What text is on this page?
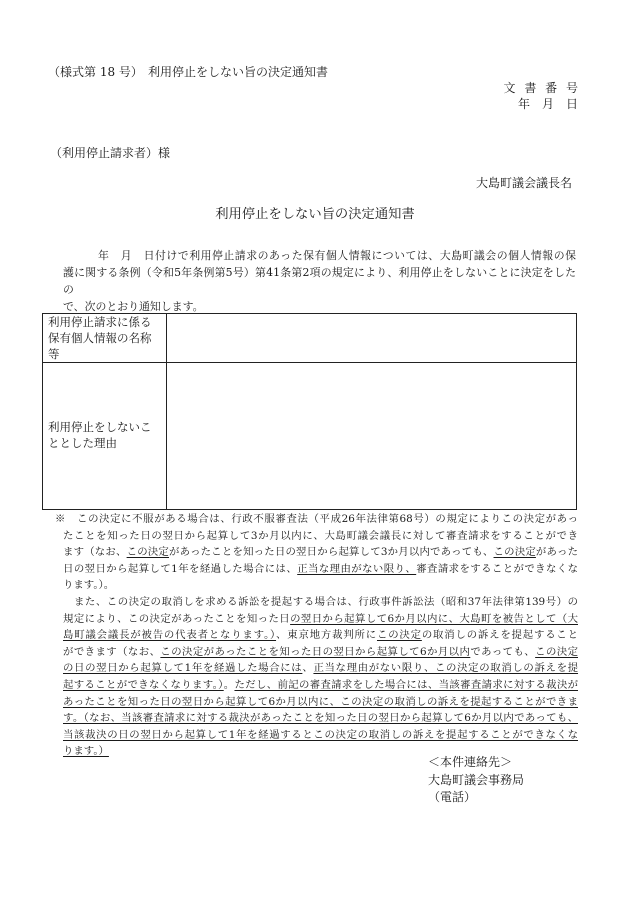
（様式第 18 号） 利用停止をしない旨の決定通知書
文 書 番 号
年　月　日
（利用停止請求者）様
大島町議会議長名
利用停止をしない旨の決定通知書
年　月　日付けで利用停止請求のあった保有個人情報については、大島町議会の個人情報の保
護に関する条例（令和5年条例第5号）第41条第2項の規定により、利用停止をしないことに決定をしたの
で、次のとおり通知します。
利用停止請求に係る保有個人情報の名称等
利用停止をしないこととした理由
※　この決定に不服がある場合は、行政不服審査法（平成26年法律第68号）の規定によりこの決定があっ
たことを知った日の翌日から起算して3か月以内に、大島町議会議長に対して審査請求をすることができ
ます（なお、この決定があったことを知った日の翌日から起算して3か月以内であっても、この決定があった
日の翌日から起算して1年を経過した場合には、正当な理由がない限り、審査請求をすることができなくな
ります。）。
　また、この決定の取消しを求める訴訟を提起する場合は、行政事件訴訟法（昭和37年法律第139号）の
規定により、この決定があったことを知った日の翌日から起算して6か月以内に、大島町を被告として（大
島町議会議長が被告の代表者となります。）、東京地方裁判所にこの決定の取消しの訴えを提起すること
ができます（なお、この決定があったことを知った日の翌日から起算して6か月以内であっても、この決定
の日の翌日から起算して1年を経過した場合には、正当な理由がない限り、この決定の取消しの訴えを提
起することができなくなります。）。ただし、前記の審査請求をした場合には、当該審査請求に対する裁決が
あったことを知った日の翌日から起算して6か月以内に、この決定の取消しの訴えを提起することができま
す。（なお、当該審査請求に対する裁決があったことを知った日の翌日から起算して6か月以内であっても、
当該裁決の日の翌日から起算して1年を経過するとこの決定の取消しの訴えを提起することができなくな
ります。）
＜本件連絡先＞
大島町議会事務局
（電話）
